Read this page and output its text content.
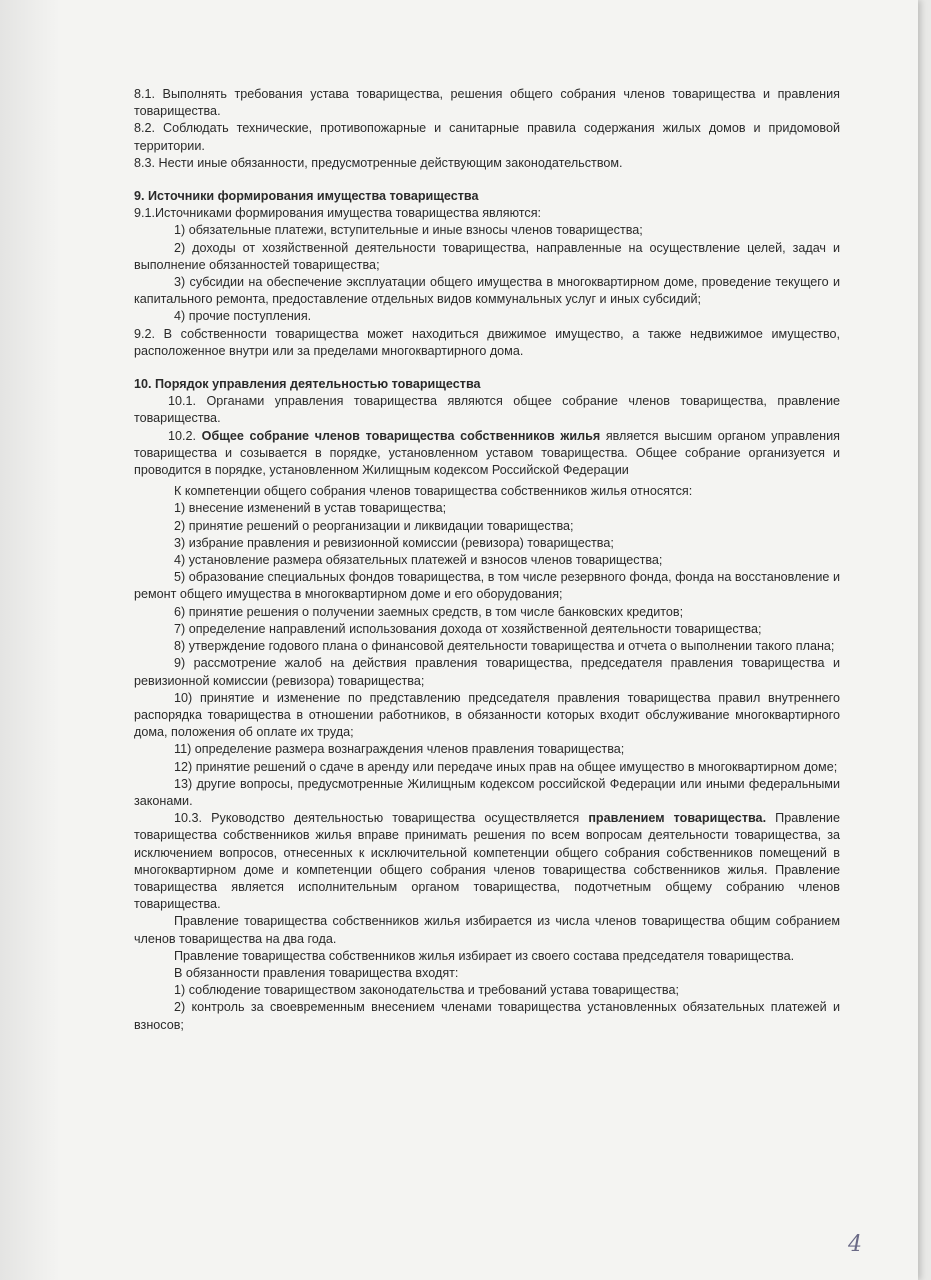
8.1. Выполнять требования устава товарищества, решения общего собрания членов товарищества и правления товарищества.

8.2. Соблюдать технические, противопожарные и санитарные правила содержания жилых домов и придомовой территории.

8.3. Нести иные обязанности, предусмотренные действующим законодательством.

9. Источники формирования имущества товарищества

9.1.Источниками формирования имущества товарищества являются:

1) обязательные платежи, вступительные и иные взносы членов товарищества;

2) доходы от хозяйственной деятельности товарищества, направленные на осуществление целей, задач и выполнение обязанностей товарищества;

3) субсидии на обеспечение эксплуатации общего имущества в многоквартирном доме, проведение текущего и капитального ремонта, предоставление отдельных видов коммунальных услуг и иных субсидий;

4) прочие поступления.

9.2. В собственности товарищества может находиться движимое имущество, а также недвижимое имущество, расположенное внутри или за пределами многоквартирного дома.

10. Порядок управления деятельностью товарищества

10.1. Органами управления товарищества являются общее собрание членов товарищества, правление товарищества.

10.2. Общее собрание членов товарищества собственников жилья является высшим органом управления товарищества и созывается в порядке, установленном уставом товарищества. Общее собрание организуется и проводится в порядке, установленном Жилищным кодексом Российской Федерации

К компетенции общего собрания членов товарищества собственников жилья относятся:

1) внесение изменений в устав товарищества;

2) принятие решений о реорганизации и ликвидации товарищества;

3) избрание правления и ревизионной комиссии (ревизора) товарищества;

4) установление размера обязательных платежей и взносов членов товарищества;

5) образование специальных фондов товарищества, в том числе резервного фонда, фонда на восстановление и ремонт общего имущества в многоквартирном доме и его оборудования;

6) принятие решения о получении заемных средств, в том числе банковских кредитов;

7) определение направлений использования дохода от хозяйственной деятельности товарищества;

8) утверждение годового плана о финансовой деятельности товарищества и отчета о выполнении такого плана;

9) рассмотрение жалоб на действия правления товарищества, председателя правления товарищества и ревизионной комиссии (ревизора) товарищества;

10) принятие и изменение по представлению председателя правления товарищества правил внутреннего распорядка товарищества в отношении работников, в обязанности которых входит обслуживание многоквартирного дома, положения об оплате их труда;

11) определение размера вознаграждения членов правления товарищества;

12) принятие решений о сдаче в аренду или передаче иных прав на общее имущество в многоквартирном доме;

13) другие вопросы, предусмотренные Жилищным кодексом российской Федерации или иными федеральными законами.

10.3. Руководство деятельностью товарищества осуществляется правлением товарищества. Правление товарищества собственников жилья вправе принимать решения по всем вопросам деятельности товарищества, за исключением вопросов, отнесенных к исключительной компетенции общего собрания собственников помещений в многоквартирном доме и компетенции общего собрания членов товарищества собственников жилья. Правление товарищества является исполнительным органом товарищества, подотчетным общему собранию членов товарищества.

Правление товарищества собственников жилья избирается из числа членов товарищества общим собранием членов товарищества на два года.

Правление товарищества собственников жилья избирает из своего состава председателя товарищества.

В обязанности правления товарищества входят:

1) соблюдение товариществом законодательства и требований устава товарищества;

2) контроль за своевременным внесением членами товарищества установленных обязательных платежей и взносов;

4
